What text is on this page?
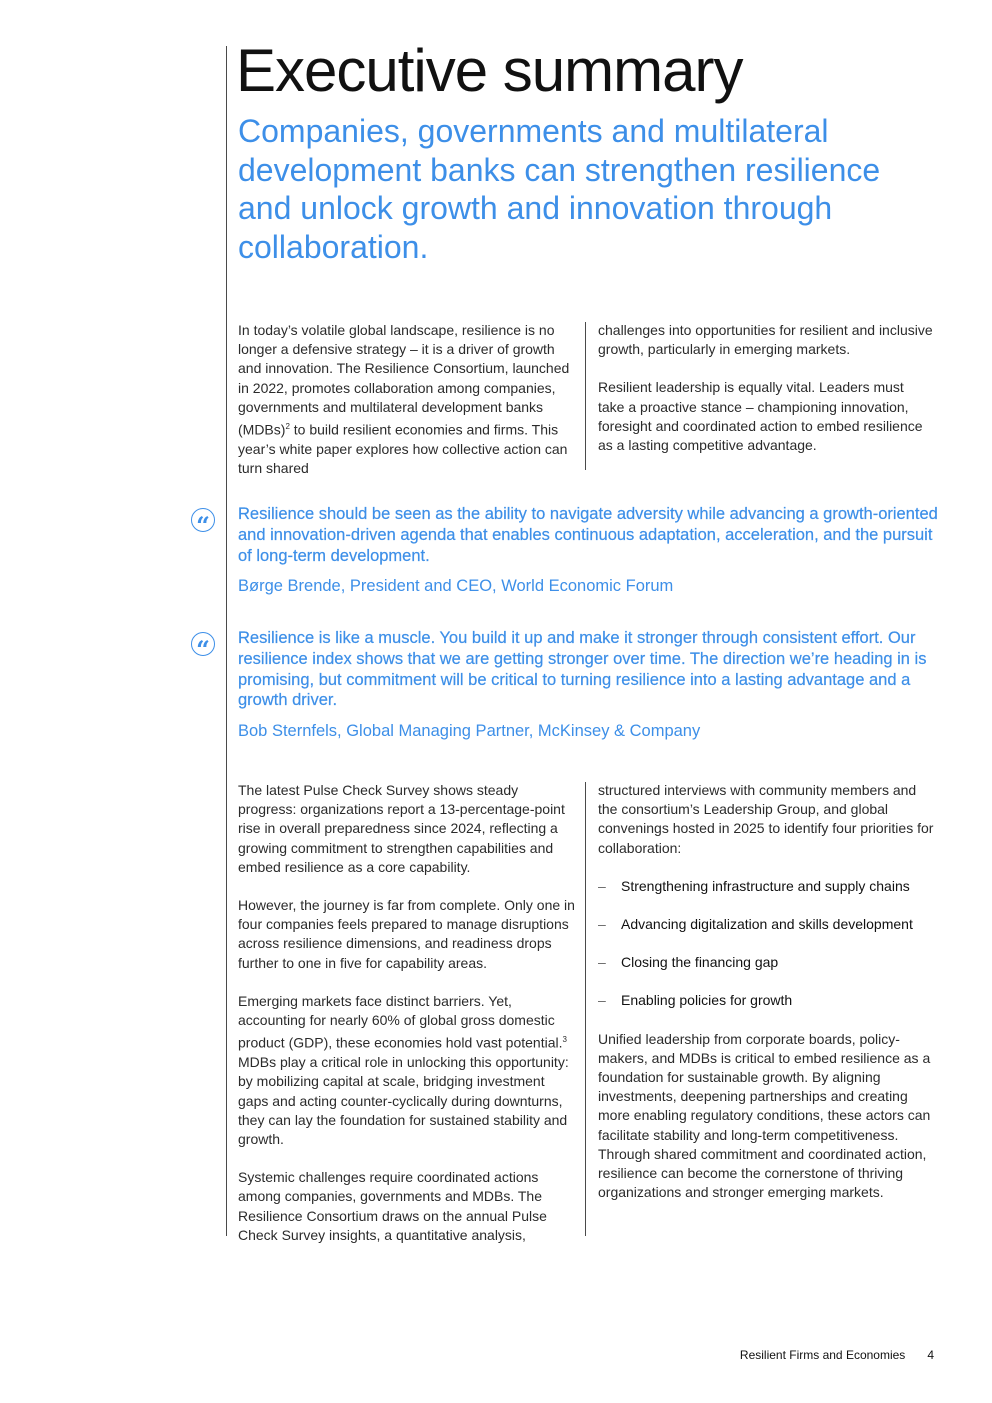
Executive summary
Companies, governments and multilateral development banks can strengthen resilience and unlock growth and innovation through collaboration.

In today’s volatile global landscape, resilience is no longer a defensive strategy – it is a driver of growth and innovation. The Resilience Consortium, launched in 2022, promotes collaboration among companies, governments and multilateral development banks (MDBs)$^2$ to build resilient economies and firms. This year’s white paper explores how collective action can turn shared

challenges into opportunities for resilient and inclusive growth, particularly in emerging markets.

Resilient leadership is equally vital. Leaders must take a proactive stance – championing innovation, foresight and coordinated action to embed resilience as a lasting competitive advantage.

“	Resilience should be seen as the ability to navigate adversity while advancing a growth-oriented and innovation-driven agenda that enables continuous adaptation, acceleration, and the pursuit of long-term development.

Børge Brende, President and CEO, World Economic Forum

“	Resilience is like a muscle. You build it up and make it stronger through consistent effort. Our resilience index shows that we are getting stronger over time. The direction we’re heading in is promising, but commitment will be critical to turning resilience into a lasting advantage and a growth driver.

Bob Sternfels, Global Managing Partner, McKinsey & Company

The latest Pulse Check Survey shows steady progress: organizations report a 13-percentage-point rise in overall preparedness since 2024, reflecting a growing commitment to strengthen capabilities and embed resilience as a core capability.

However, the journey is far from complete. Only one in four companies feels prepared to manage disruptions across resilience dimensions, and readiness drops further to one in five for capability areas.

Emerging markets face distinct barriers. Yet, accounting for nearly 60% of global gross domestic product (GDP), these economies hold vast potential.$^3$ MDBs play a critical role in unlocking this opportunity: by mobilizing capital at scale, bridging investment gaps and acting counter-cyclically during downturns, they can lay the foundation for sustained stability and growth.

Systemic challenges require coordinated actions among companies, governments and MDBs. The Resilience Consortium draws on the annual Pulse Check Survey insights, a quantitative analysis,

structured interviews with community members and the consortium’s Leadership Group, and global convenings hosted in 2025 to identify four priorities for collaboration:

– Strengthening infrastructure and supply chains
– Advancing digitalization and skills development
– Closing the financing gap
– Enabling policies for growth

Unified leadership from corporate boards, policy-makers, and MDBs is critical to embed resilience as a foundation for sustainable growth. By aligning investments, deepening partnerships and creating more enabling regulatory conditions, these actors can facilitate stability and long-term competitiveness. Through shared commitment and coordinated action, resilience can become the cornerstone of thriving organizations and stronger emerging markets.

Resilient Firms and Economies 4
